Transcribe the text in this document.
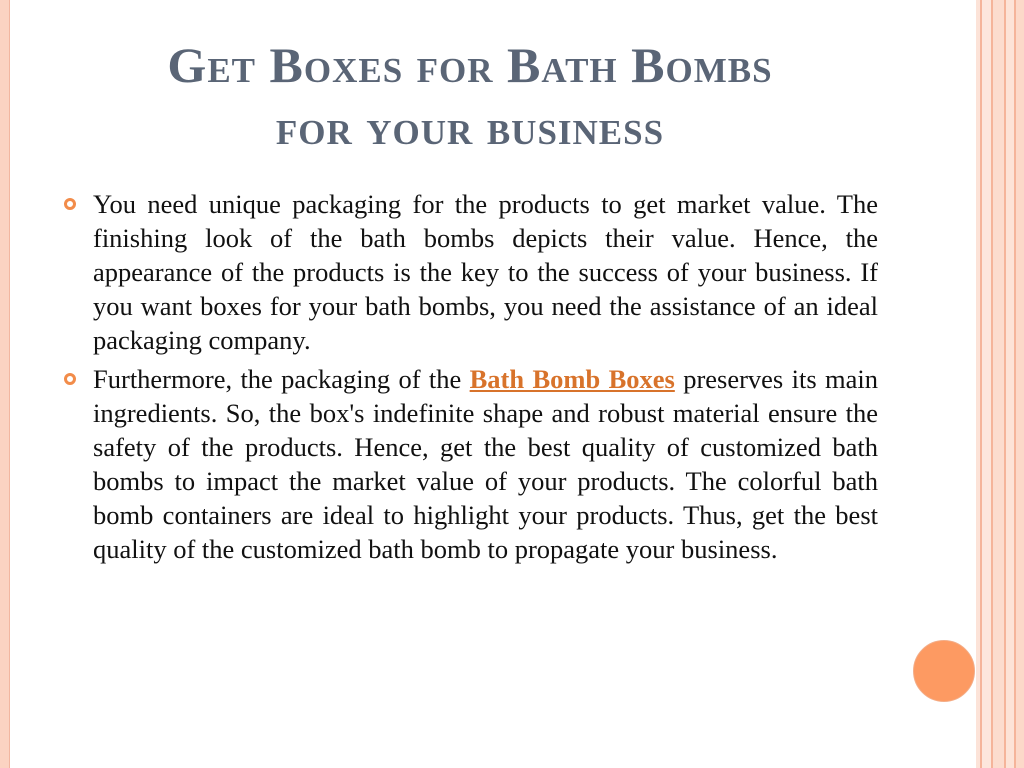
Get Boxes for Bath Bombs
for your business
You need unique packaging for the products to get market value. The finishing look of the bath bombs depicts their value. Hence, the appearance of the products is the key to the success of your business. If you want boxes for your bath bombs, you need the assistance of an ideal packaging company.
Furthermore, the packaging of the Bath Bomb Boxes preserves its main ingredients. So, the box's indefinite shape and robust material ensure the safety of the products. Hence, get the best quality of customized bath bombs to impact the market value of your products. The colorful bath bomb containers are ideal to highlight your products. Thus, get the best quality of the customized bath bomb to propagate your business.
